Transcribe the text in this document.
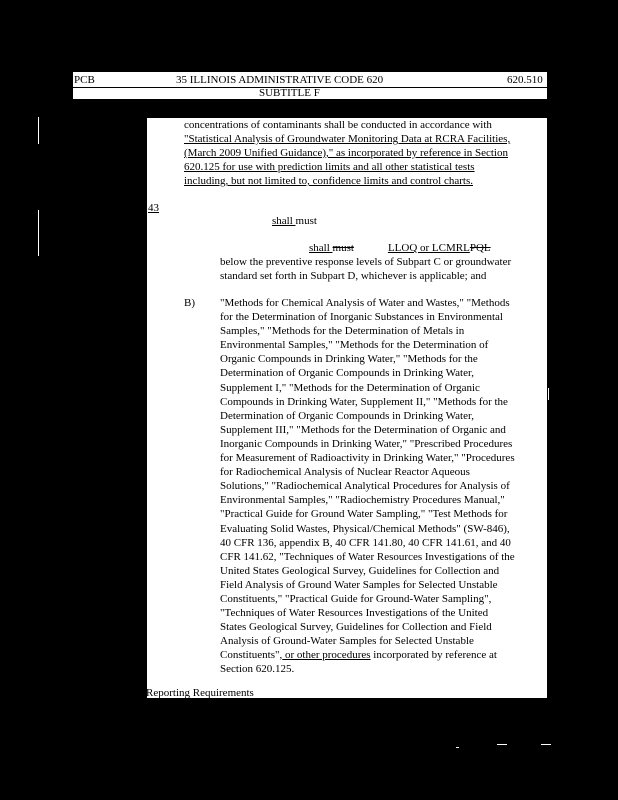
PCB	35 ILLINOIS ADMINISTRATIVE CODE 620	620.510
SUBTITLE F
concentrations of contaminants shall be conducted in accordance with
"Statistical Analysis of Groundwater Monitoring Data at RCRA Facilities,
(March 2009 Unified Guidance)," as incorporated by reference in Section
620.125 for use with prediction limits and all other statistical tests
including, but not limited to, confidence limits and control charts.
43
shall must
shall must	LLOQ or LCMRLPQL
below the preventive response levels of Subpart C or groundwater
standard set forth in Subpart D, whichever is applicable; and
B) "Methods for Chemical Analysis of Water and Wastes," "Methods

for the Determination of Inorganic Substances in Environmental

Samples," "Methods for the Determination of Metals in

Environmental Samples," "Methods for the Determination of

Organic Compounds in Drinking Water," "Methods for the

Determination of Organic Compounds in Drinking Water,

Supplement I," "Methods for the Determination of Organic

Compounds in Drinking Water, Supplement II," "Methods for the

Determination of Organic Compounds in Drinking Water,

Supplement III," "Methods for the Determination of Organic and

Inorganic Compounds in Drinking Water," "Prescribed Procedures

for Measurement of Radioactivity in Drinking Water," "Procedures

for Radiochemical Analysis of Nuclear Reactor Aqueous

Solutions," "Radiochemical Analytical Procedures for Analysis of

Environmental Samples," "Radiochemistry Procedures Manual,"

"Practical Guide for Ground Water Sampling," "Test Methods for

Evaluating Solid Wastes, Physical/Chemical Methods" (SW-846),

40 CFR 136, appendix B, 40 CFR 141.80, 40 CFR 141.61, and 40

CFR 141.62, "Techniques of Water Resources Investigations of the

United States Geological Survey, Guidelines for Collection and

Field Analysis of Ground Water Samples for Selected Unstable

Constituents," "Practical Guide for Ground-Water Sampling",

"Techniques of Water Resources Investigations of the United

States Geological Survey, Guidelines for Collection and Field

Analysis of Ground-Water Samples for Selected Unstable

Constituents", or other procedures incorporated by reference at

Section 620.125.

Reporting Requirements
